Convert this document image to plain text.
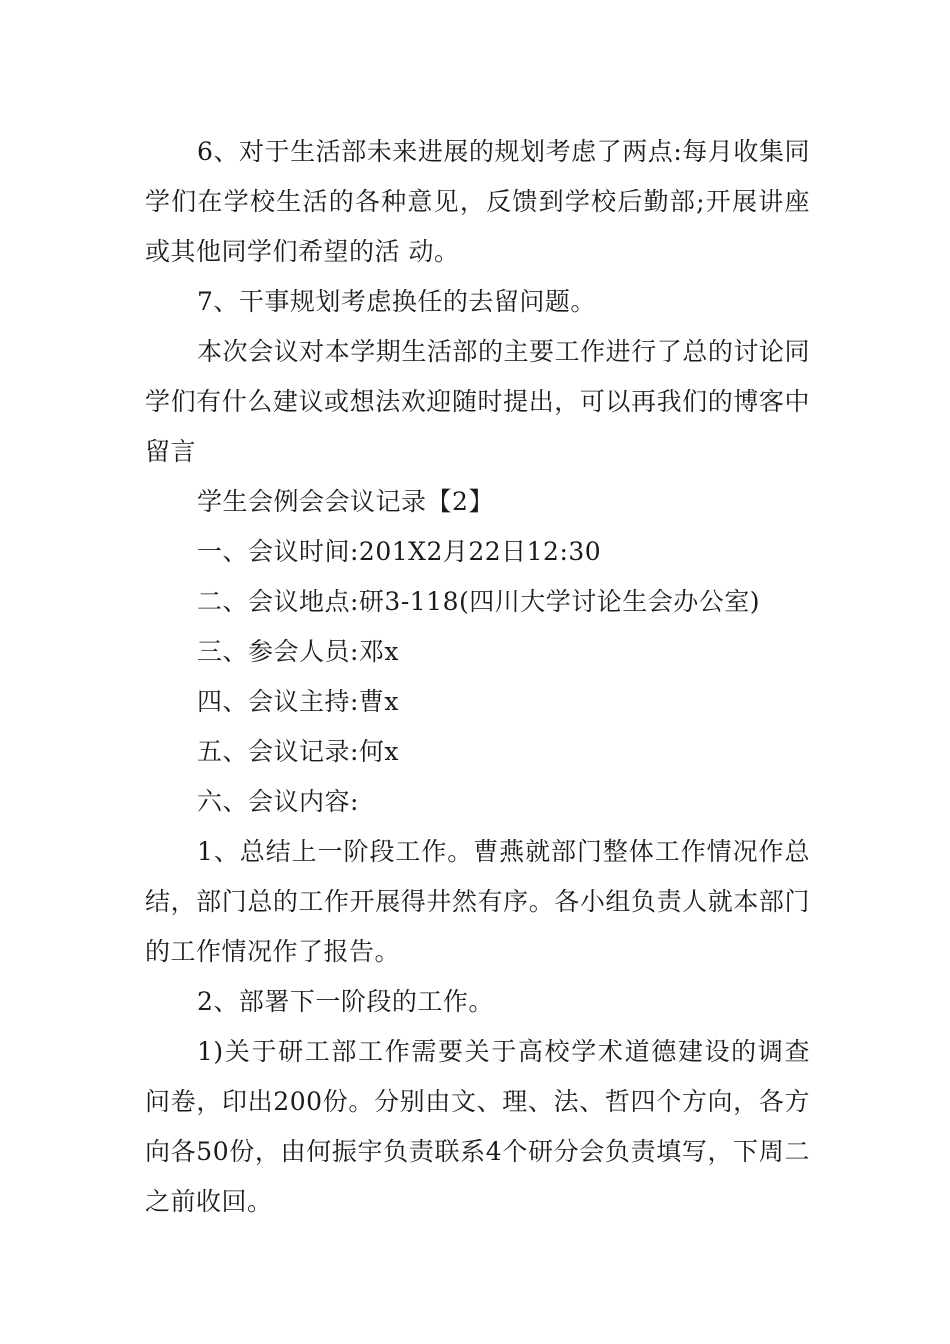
6、对于生活部未来进展的规划考虑了两点:每月收集同学们在学校生活的各种意见，反馈到学校后勤部;开展讲座或其他同学们希望的活 动。

7、干事规划考虑换任的去留问题。

本次会议对本学期生活部的主要工作进行了总的讨论同学们有什么建议或想法欢迎随时提出，可以再我们的博客中留言

学生会例会会议记录【2】

一、会议时间:201X2月22日12:30

二、会议地点:研3-118(四川大学讨论生会办公室)

三、参会人员:邓x

四、会议主持:曹x

五、会议记录:何x

六、会议内容:

1、总结上一阶段工作。曹燕就部门整体工作情况作总结，部门总的工作开展得井然有序。各小组负责人就本部门的工作情况作了报告。

2、部署下一阶段的工作。

1)关于研工部工作需要关于高校学术道德建设的调查问卷，印出200份。分别由文、理、法、哲四个方向，各方向各50份，由何振宇负责联系4个研分会负责填写，下周二之前收回。
